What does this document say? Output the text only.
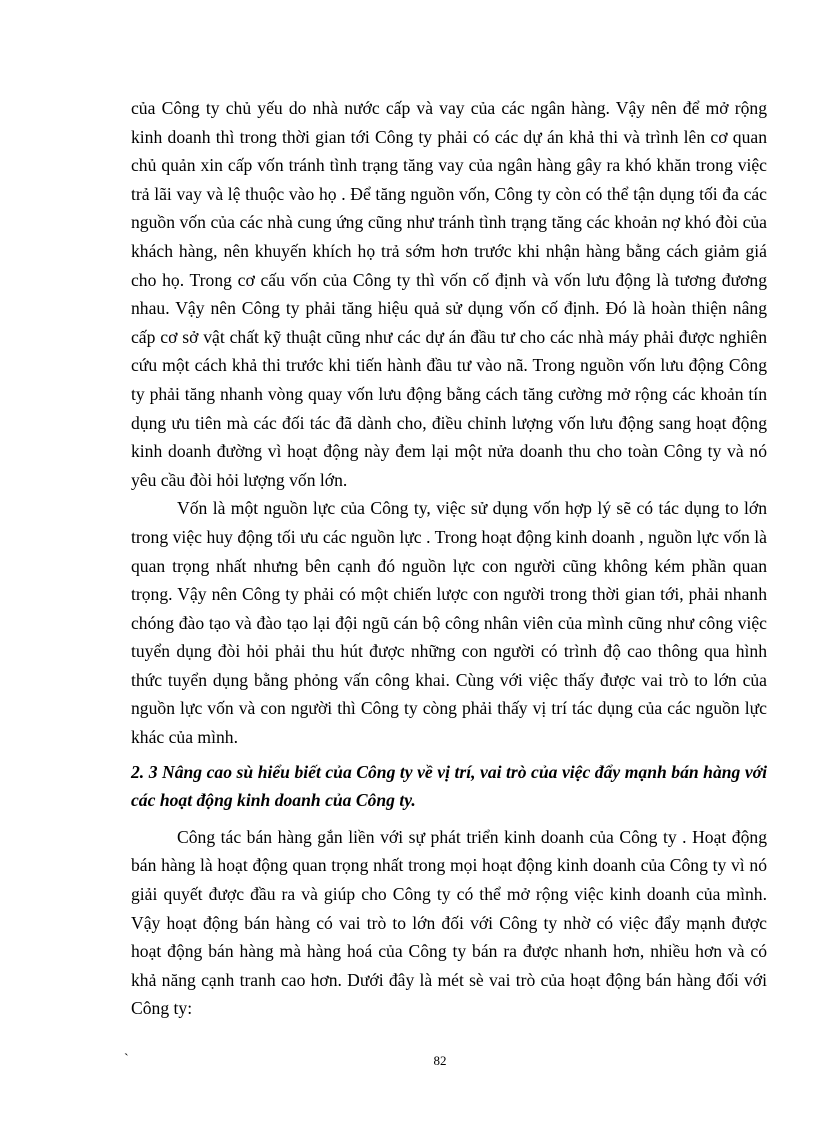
của Công ty chủ yếu do nhà nước cấp và vay của các ngân hàng. Vậy nên để mở rộng kinh doanh thì trong thời gian tới Công ty phải có các dự án khả thi và trình lên cơ quan chủ quản xin cấp vốn tránh tình trạng tăng vay của ngân hàng gây ra khó khăn trong việc trả lãi vay và lệ thuộc vào họ . Để tăng nguồn vốn, Công ty còn có thể tận dụng tối đa các nguồn vốn của các nhà cung ứng cũng như tránh tình trạng tăng các khoản nợ khó đòi của khách hàng, nên khuyến khích họ trả sớm hơn trước khi nhận hàng bằng cách giảm giá cho họ. Trong cơ cấu vốn của Công ty thì vốn cố định và vốn lưu động là tương đương nhau. Vậy nên Công ty phải tăng hiệu quả sử dụng vốn cố định. Đó là hoàn thiện nâng cấp cơ sở vật chất kỹ thuật cũng như các dự án đầu tư cho các nhà máy phải được nghiên cứu một cách khả thi trước khi tiến hành đầu tư vào nã. Trong nguồn vốn lưu động Công ty phải tăng nhanh vòng quay vốn lưu động bằng cách tăng cường mở rộng các khoản tín dụng ưu tiên mà các đối tác đã dành cho, điều chỉnh lượng vốn lưu động sang hoạt động kinh doanh đường vì hoạt động này đem lại một nửa doanh thu cho toàn Công ty và nó yêu cầu đòi hỏi lượng vốn lớn.

Vốn là một nguồn lực của Công ty, việc sử dụng vốn hợp lý sẽ có tác dụng to lớn trong việc huy động tối ưu các nguồn lực . Trong hoạt động kinh doanh , nguồn lực vốn là quan trọng nhất nhưng bên cạnh đó nguồn lực con người cũng không kém phần quan trọng. Vậy nên Công ty phải có một chiến lược con người trong thời gian tới, phải nhanh chóng đào tạo và đào tạo lại đội ngũ cán bộ công nhân viên của mình cũng như công việc tuyển dụng đòi hỏi phải thu hút được những con người có trình độ cao thông qua hình thức tuyển dụng bằng phỏng vấn công khai. Cùng với việc thấy được vai trò to lớn của nguồn lực vốn và con người thì Công ty còng phải thấy vị trí tác dụng của các nguồn lực khác của mình.

2. 3 Nâng cao sù hiểu biết của Công ty về vị trí, vai trò của việc đẩy mạnh bán hàng với các hoạt động kinh doanh của Công ty.

Công tác bán hàng gắn liền với sự phát triển kinh doanh của Công ty . Hoạt động bán hàng là hoạt động quan trọng nhất trong mọi hoạt động kinh doanh của Công ty vì nó giải quyết được đầu ra và giúp cho Công ty có thể mở rộng việc kinh doanh của mình. Vậy hoạt động bán hàng có vai trò to lớn đối với Công ty nhờ có việc đẩy mạnh được hoạt động bán hàng mà hàng hoá của Công ty bán ra được nhanh hơn, nhiều hơn và có khả năng cạnh tranh cao hơn. Dưới đây là mét sè vai trò của hoạt động bán hàng đối với Công ty:

`	82
